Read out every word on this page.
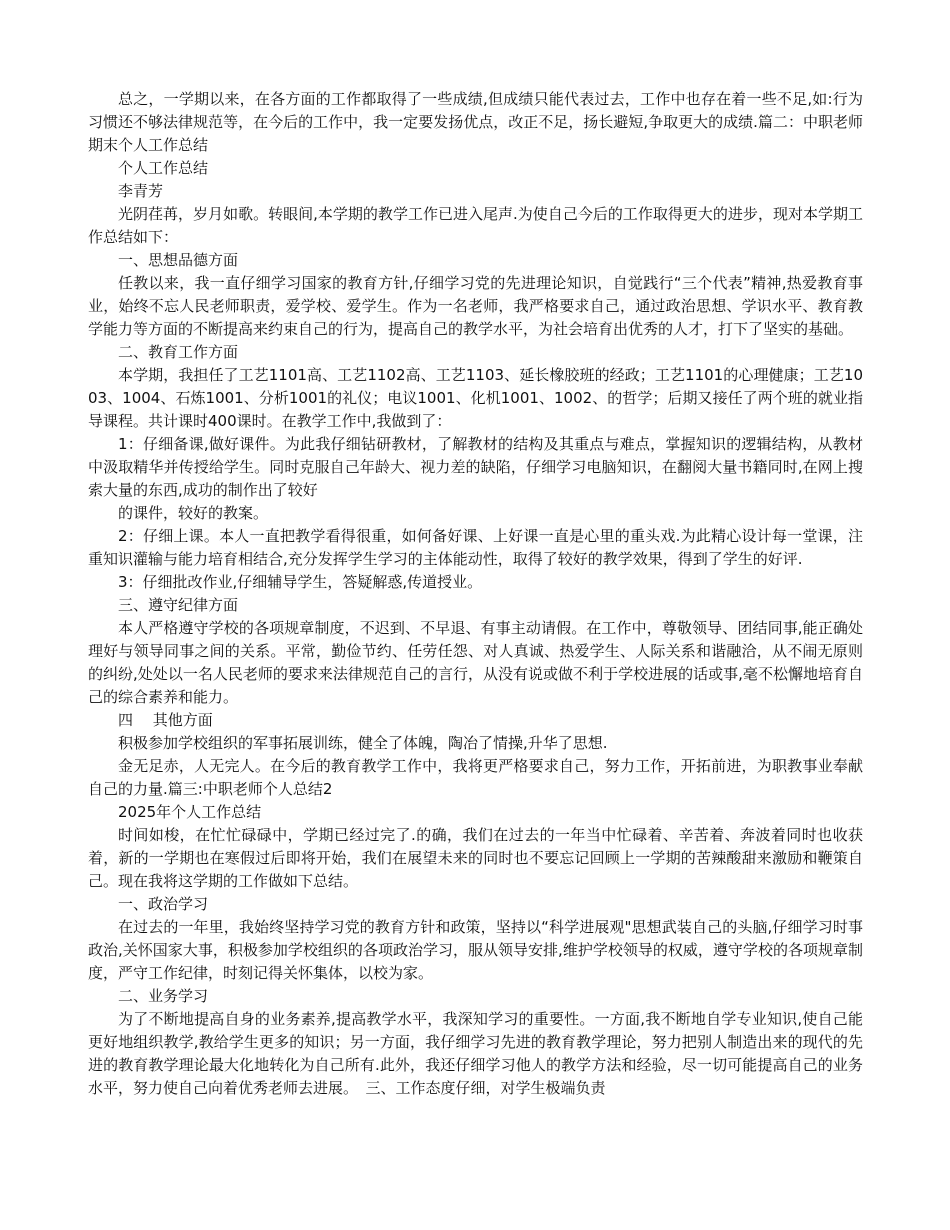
总之，一学期以来，在各方面的工作都取得了一些成绩,但成绩只能代表过去，工作中也存在着一些不足,如:行为习惯还不够法律规范等，在今后的工作中，我一定要发扬优点，改正不足，扬长避短,争取更大的成绩.篇二：中职老师期末个人工作总结

个人工作总结

李青芳

光阴荏苒，岁月如歌。转眼间,本学期的教学工作已进入尾声.为使自己今后的工作取得更大的进步，现对本学期工作总结如下：

一、思想品德方面

任教以来，我一直仔细学习国家的教育方针,仔细学习党的先进理论知识，自觉践行“三个代表”精神,热爱教育事业，始终不忘人民老师职责，爱学校、爱学生。作为一名老师，我严格要求自己，通过政治思想、学识水平、教育教学能力等方面的不断提高来约束自己的行为，提高自己的教学水平，为社会培育出优秀的人才，打下了坚实的基础。

二、教育工作方面

本学期，我担任了工艺1101高、工艺1102高、工艺1103、延长橡胶班的经政；工艺1101的心理健康；工艺1003、1004、石炼1001、分析1001的礼仪；电议1001、化机1001、1002、的哲学；后期又接任了两个班的就业指导课程。共计课时400课时。在教学工作中,我做到了：

1：仔细备课,做好课件。为此我仔细钻研教材，了解教材的结构及其重点与难点，掌握知识的逻辑结构，从教材中汲取精华并传授给学生。同时克服自己年龄大、视力差的缺陷，仔细学习电脑知识，在翻阅大量书籍同时,在网上搜索大量的东西,成功的制作出了较好

的课件，较好的教案。

2：仔细上课。本人一直把教学看得很重，如何备好课、上好课一直是心里的重头戏.为此精心设计每一堂课，注重知识灌输与能力培育相结合,充分发挥学生学习的主体能动性，取得了较好的教学效果，得到了学生的好评.

3：仔细批改作业,仔细辅导学生，答疑解惑,传道授业。

三、遵守纪律方面

本人严格遵守学校的各项规章制度，不迟到、不早退、有事主动请假。在工作中，尊敬领导、团结同事,能正确处理好与领导同事之间的关系。平常，勤俭节约、任劳任怨、对人真诚、热爱学生、人际关系和谐融洽，从不闹无原则的纠纷,处处以一名人民老师的要求来法律规范自己的言行，从没有说或做不利于学校进展的话或事,毫不松懈地培育自己的综合素养和能力。

四　 其他方面

积极参加学校组织的军事拓展训练，健全了体魄，陶冶了情操,升华了思想.

金无足赤，人无完人。在今后的教育教学工作中，我将更严格要求自己，努力工作，开拓前进，为职教事业奉献自己的力量.篇三:中职老师个人总结2

2025年个人工作总结

时间如梭，在忙忙碌碌中，学期已经过完了.的确，我们在过去的一年当中忙碌着、辛苦着、奔波着同时也收获着，新的一学期也在寒假过后即将开始，我们在展望未来的同时也不要忘记回顾上一学期的苦辣酸甜来激励和鞭策自己。现在我将这学期的工作做如下总结。

一、政治学习

在过去的一年里，我始终坚持学习党的教育方针和政策，坚持以“科学进展观"思想武装自己的头脑,仔细学习时事政治,关怀国家大事，积极参加学校组织的各项政治学习，服从领导安排,维护学校领导的权威，遵守学校的各项规章制度，严守工作纪律，时刻记得关怀集体，以校为家。

二、业务学习

为了不断地提高自身的业务素养,提高教学水平，我深知学习的重要性。一方面,我不断地自学专业知识,使自己能更好地组织教学,教给学生更多的知识；另一方面，我仔细学习先进的教育教学理论，努力把别人制造出来的现代的先进的教育教学理论最大化地转化为自己所有.此外，我还仔细学习他人的教学方法和经验，尽一切可能提高自己的业务水平，努力使自己向着优秀老师去进展。　三、工作态度仔细，对学生极端负责
